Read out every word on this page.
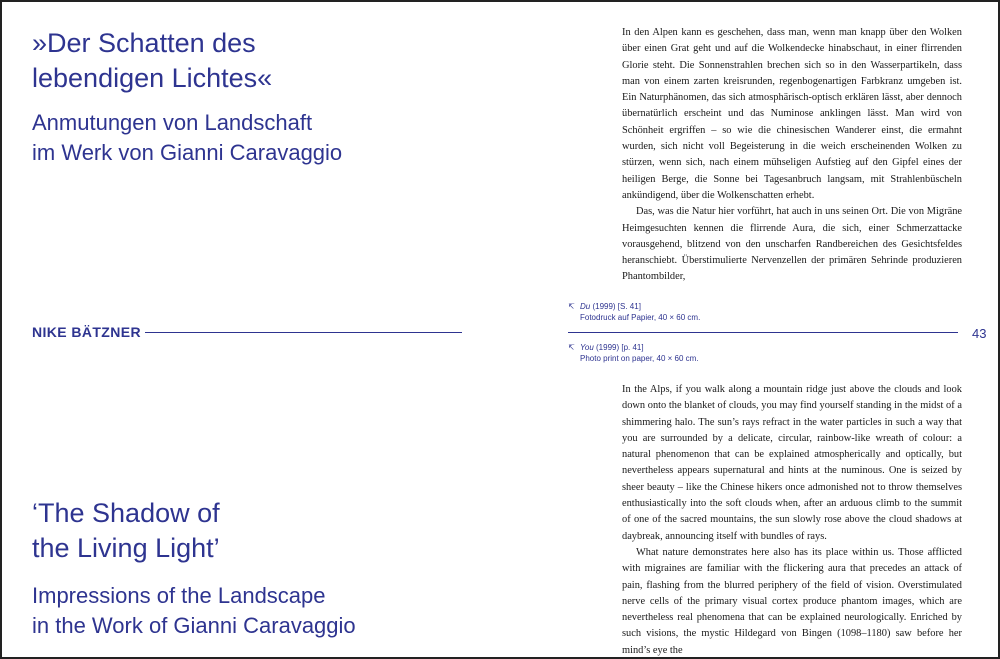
»Der Schatten des
lebendigen Lichtes«
Anmutungen von Landschaft
im Werk von Gianni Caravaggio
NIKE BÄTZNER
‘The Shadow of
the Living Light’
Impressions of the Landscape
in the Work of Gianni Caravaggio

In den Alpen kann es geschehen, dass man, wenn man knapp über den Wolken über einen Grat geht und auf die Wolkendecke hinabschaut, in einer flirrenden Glorie steht. Die Sonnenstrahlen brechen sich so in den Wasserpartikeln, dass man von einem zarten kreisrunden, regenbogenartigen Farbkranz umgeben ist. Ein Naturphänomen, das sich atmosphärisch-optisch erklären lässt, aber dennoch übernatürlich erscheint und das Numinose anklingen lässt. Man wird von Schönheit ergriffen – so wie die chinesischen Wanderer einst, die ermahnt wurden, sich nicht voll Begeisterung in die weich erscheinenden Wolken zu stürzen, wenn sich, nach einem mühseligen Aufstieg auf den Gipfel eines der heiligen Berge, die Sonne bei Tagesanbruch langsam, mit Strahlenbüscheln ankündigend, über die Wolkenschatten erhebt.

Das, was die Natur hier vorführt, hat auch in uns seinen Ort. Die von Migräne Heimgesuchten kennen die flirrende Aura, die sich, einer Schmerzattacke vorausgehend, blitzend von den unscharfen Randbereichen des Gesichtsfeldes heranschiebt. Überstimulierte Nervenzellen der primären Sehrinde produzieren Phantombilder,

↸ Du (1999) [S. 41]
Fotodruck auf Papier, 40 × 60 cm.
43
↸ You (1999) [p. 41]
Photo print on paper, 40 × 60 cm.

In the Alps, if you walk along a mountain ridge just above the clouds and look down onto the blanket of clouds, you may find yourself standing in the midst of a shimmering halo. The sun’s rays refract in the water particles in such a way that you are surrounded by a delicate, circular, rainbow-like wreath of colour: a natural phenomenon that can be explained atmospherically and optically, but nevertheless appears supernatural and hints at the numinous. One is seized by sheer beauty – like the Chinese hikers once admonished not to throw themselves enthusiastically into the soft clouds when, after an arduous climb to the summit of one of the sacred mountains, the sun slowly rose above the cloud shadows at daybreak, announcing itself with bundles of rays.

What nature demonstrates here also has its place within us. Those afflicted with migraines are familiar with the flickering aura that precedes an attack of pain, flashing from the blurred periphery of the field of vision. Overstimulated nerve cells of the primary visual cortex produce phantom images, which are nevertheless real phenomena that can be explained neurologically. Enriched by such visions, the mystic Hildegard von Bingen (1098–1180) saw before her mind’s eye the
